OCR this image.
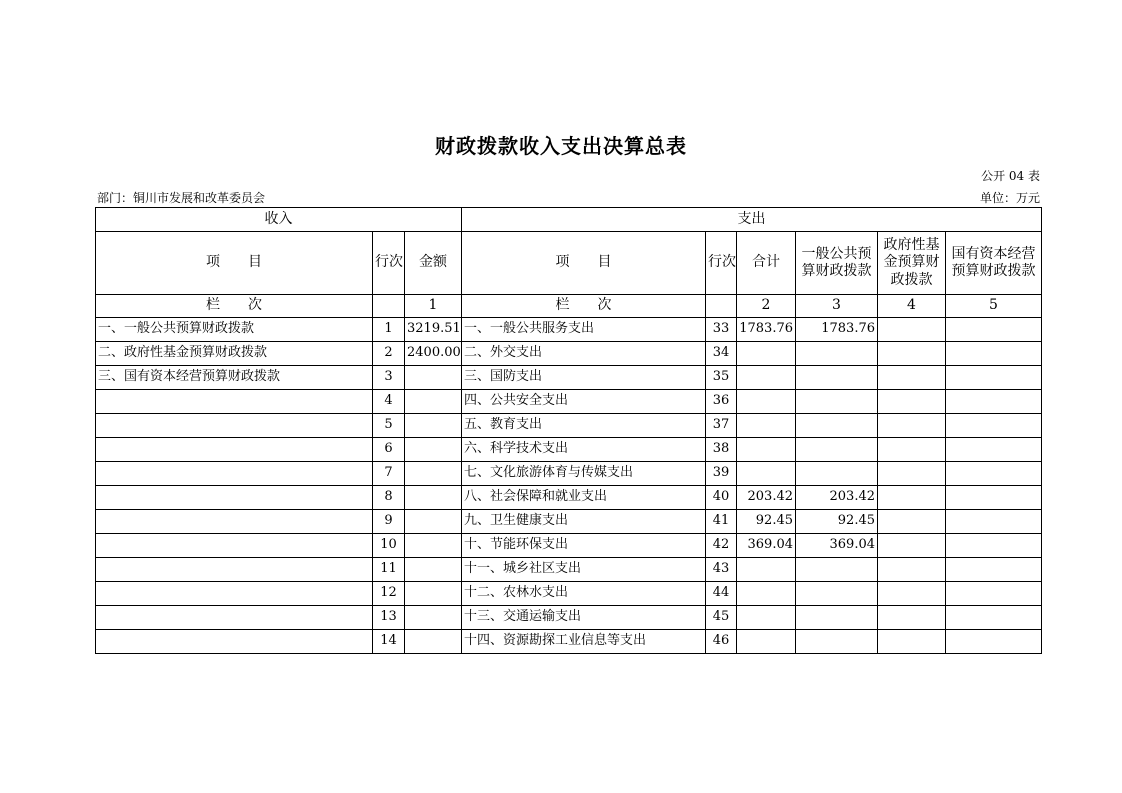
财政拨款收入支出决算总表
公开 04 表
部门：铜川市发展和改革委员会	单位：万元
收入			支出					
项　　目	行次	金额	项　　目	行次	合计	一般公共预算财政拨款	政府性基金预算财政拨款	国有资本经营预算财政拨款
栏　　次		1	栏　　次		2	3	4	5
一、一般公共预算财政拨款	1	3219.51	一、一般公共服务支出	33	1783.76	1783.76		
二、政府性基金预算财政拨款	2	2400.00	二、外交支出	34				
三、国有资本经营预算财政拨款	3		三、国防支出	35				
	4		四、公共安全支出	36				
	5		五、教育支出	37				
	6		六、科学技术支出	38				
	7		七、文化旅游体育与传媒支出	39				
	8		八、社会保障和就业支出	40	203.42	203.42		
	9		九、卫生健康支出	41	92.45	92.45		
	10		十、节能环保支出	42	369.04	369.04		
	11		十一、城乡社区支出	43				
	12		十二、农林水支出	44				
	13		十三、交通运输支出	45				
	14		十四、资源勘探工业信息等支出	46				
